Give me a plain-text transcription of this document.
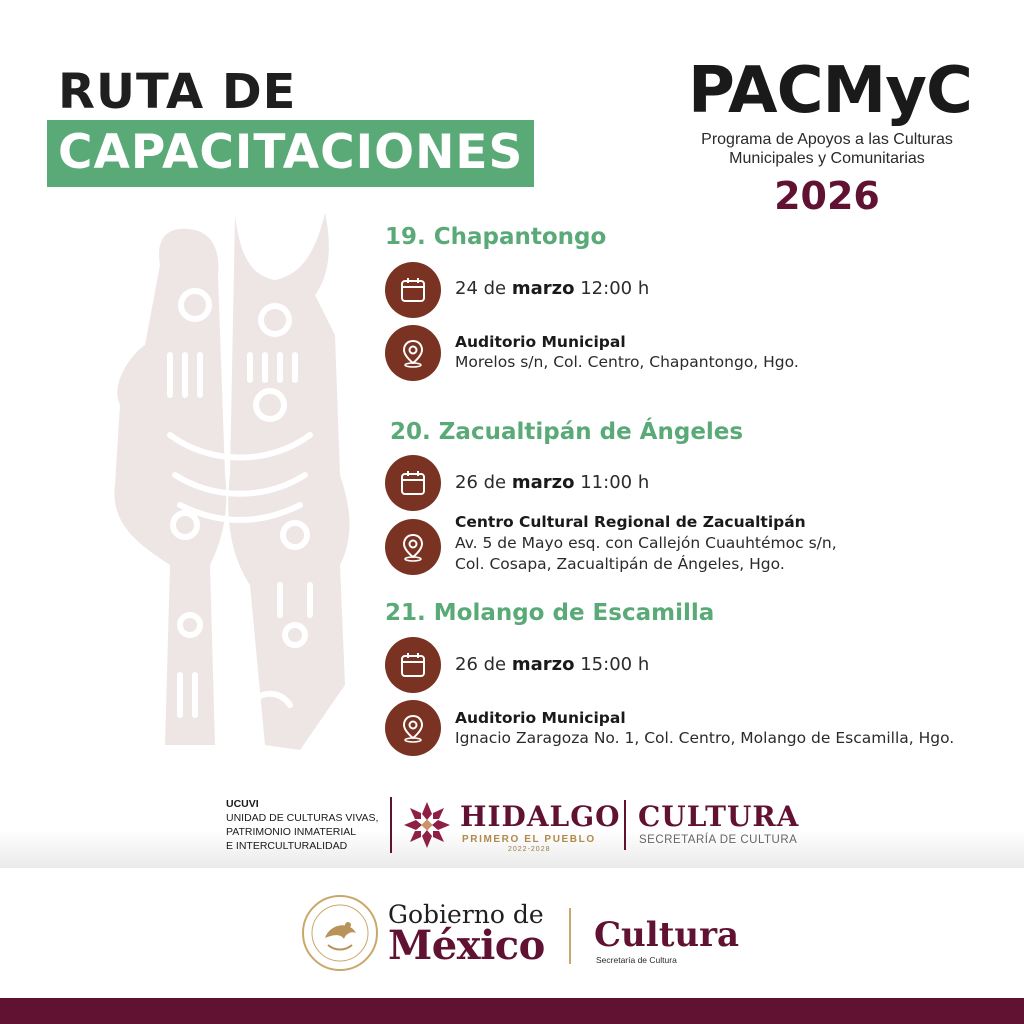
RUTA DE
CAPACITACIONES
PACMyC
Programa de Apoyos a las Culturas
Municipales y Comunitarias
2026
19. Chapantongo
24 de marzo 12:00 h
Auditorio Municipal
Morelos s/n, Col. Centro, Chapantongo, Hgo.
20. Zacualtipán de Ángeles
26 de marzo 11:00 h
Centro Cultural Regional de Zacualtipán
Av. 5 de Mayo esq. con Callejón Cuauhtémoc s/n,
Col. Cosapa, Zacualtipán de Ángeles, Hgo.
21. Molango de Escamilla
26 de marzo 15:00 h
Auditorio Municipal
Ignacio Zaragoza No. 1, Col. Centro, Molango de Escamilla, Hgo.
UCUVI
UNIDAD DE CULTURAS VIVAS,
PATRIMONIO INMATERIAL
E INTERCULTURALIDAD
HIDALGO
PRIMERO EL PUEBLO
2022-2028
CULTURA
SECRETARÍA DE CULTURA
Gobierno de
México Cultura
Secretaría de Cultura
